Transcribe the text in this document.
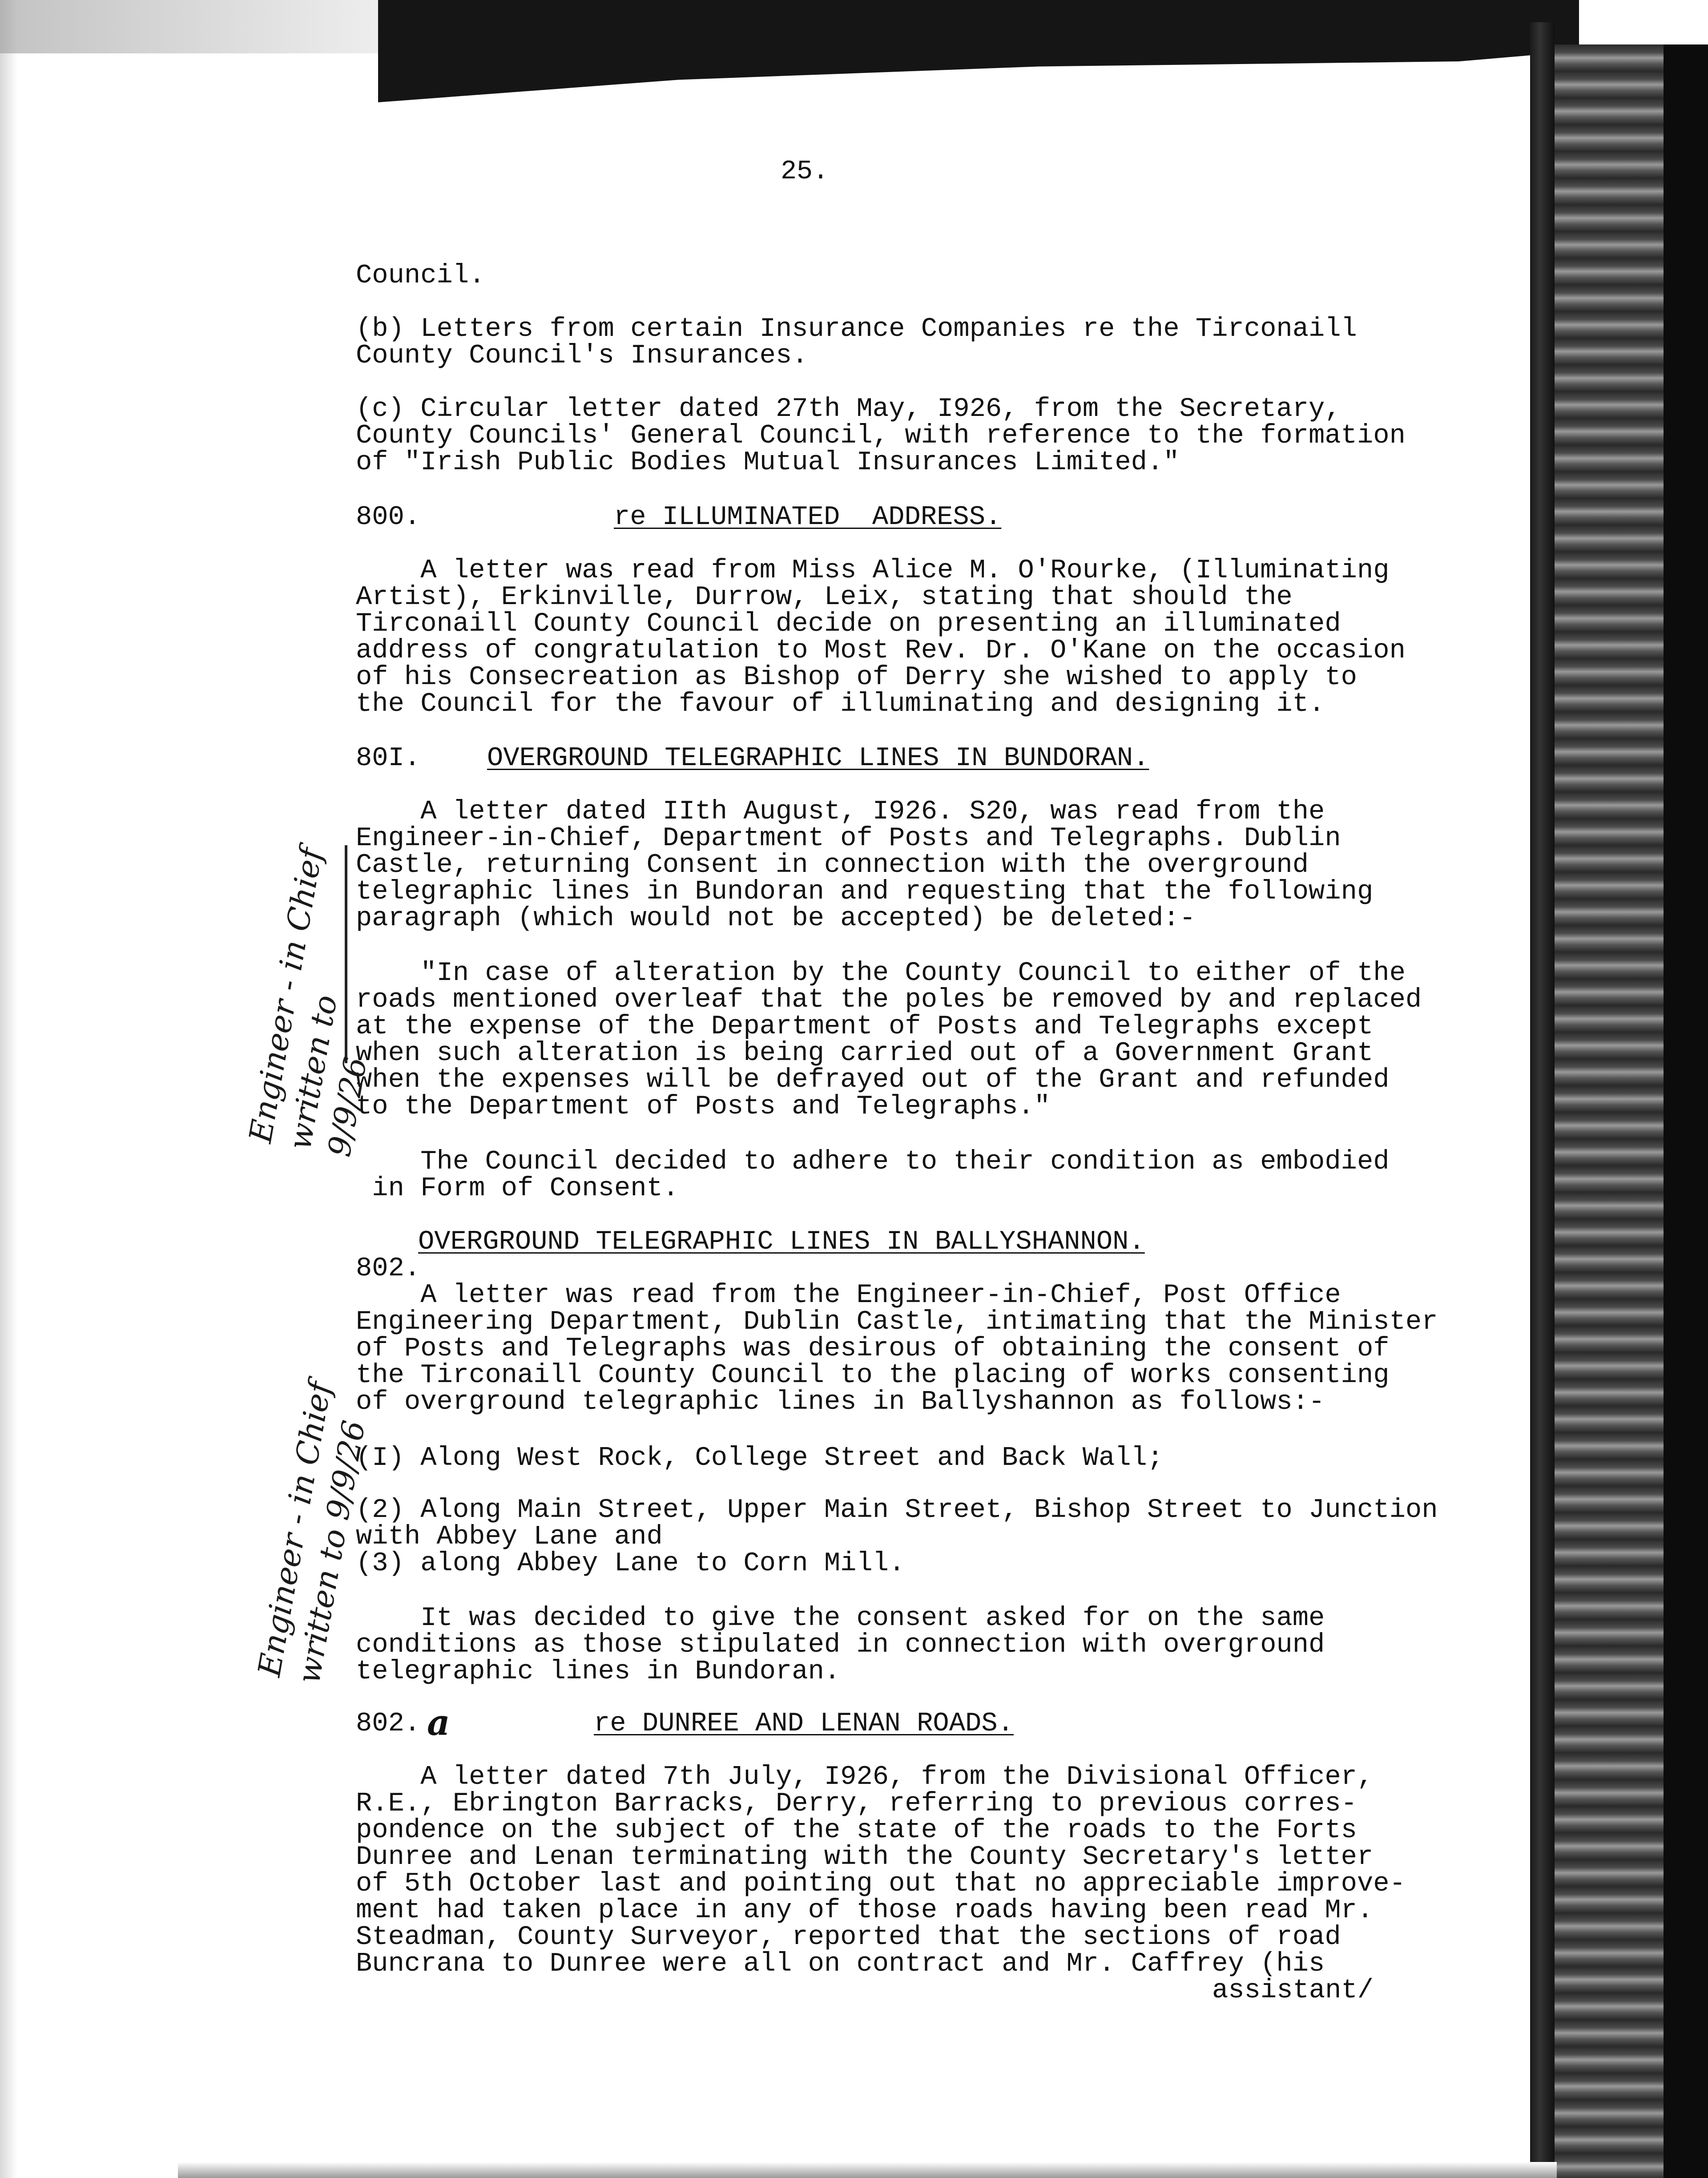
25.
Council.
(b) Letters from certain Insurance Companies re the Tirconaill
County Council's Insurances.
(c) Circular letter dated 27th May, I926, from the Secretary,
County Councils' General Council, with reference to the formation
of "Irish Public Bodies Mutual Insurances Limited."
800.	re ILLUMINATED  ADDRESS.
A letter was read from Miss Alice M. O'Rourke, (Illuminating
Artist), Erkinville, Durrow, Leix, stating that should the
Tirconaill County Council decide on presenting an illuminated
address of congratulation to Most Rev. Dr. O'Kane on the occasion
of his Consecreation as Bishop of Derry she wished to apply to
the Council for the favour of illuminating and designing it.
80I. OVERGROUND TELEGRAPHIC LINES IN BUNDORAN.
A letter dated IIth August, I926. S20, was read from the
Engineer-in-Chief, Department of Posts and Telegraphs. Dublin
Castle, returning Consent in connection with the overground
telegraphic lines in Bundoran and requesting that the following
paragraph (which would not be accepted) be deleted:-
"In case of alteration by the County Council to either of the
roads mentioned overleaf that the poles be removed by and replaced
at the expense of the Department of Posts and Telegraphs except
when such alteration is being carried out of a Government Grant
when the expenses will be defrayed out of the Grant and refunded
to the Department of Posts and Telegraphs."
The Council decided to adhere to their condition as embodied
in Form of Consent.
Engineer - in Chief
written to
9/9/26
OVERGROUND TELEGRAPHIC LINES IN BALLYSHANNON.
802.
A letter was read from the Engineer-in-Chief, Post Office
Engineering Department, Dublin Castle, intimating that the Minister
of Posts and Telegraphs was desirous of obtaining the consent of
the Tirconaill County Council to the placing of works consenting
of overground telegraphic lines in Ballyshannon as follows:-
(I) Along West Rock, College Street and Back Wall;
(2) Along Main Street, Upper Main Street, Bishop Street to Junction
with Abbey Lane and
(3) along Abbey Lane to Corn Mill.
It was decided to give the consent asked for on the same
conditions as those stipulated in connection with overground
telegraphic lines in Bundoran.
Engineer - in Chief
written to 9/9/26
802. a	re DUNREE AND LENAN ROADS.
A letter dated 7th July, I926, from the Divisional Officer,
R.E., Ebrington Barracks, Derry, referring to previous corres-
pondence on the subject of the state of the roads to the Forts
Dunree and Lenan terminating with the County Secretary's letter
of 5th October last and pointing out that no appreciable improve-
ment had taken place in any of those roads having been read Mr.
Steadman, County Surveyor, reported that the sections of road
Buncrana to Dunree were all on contract and Mr. Caffrey (his
assistant/
